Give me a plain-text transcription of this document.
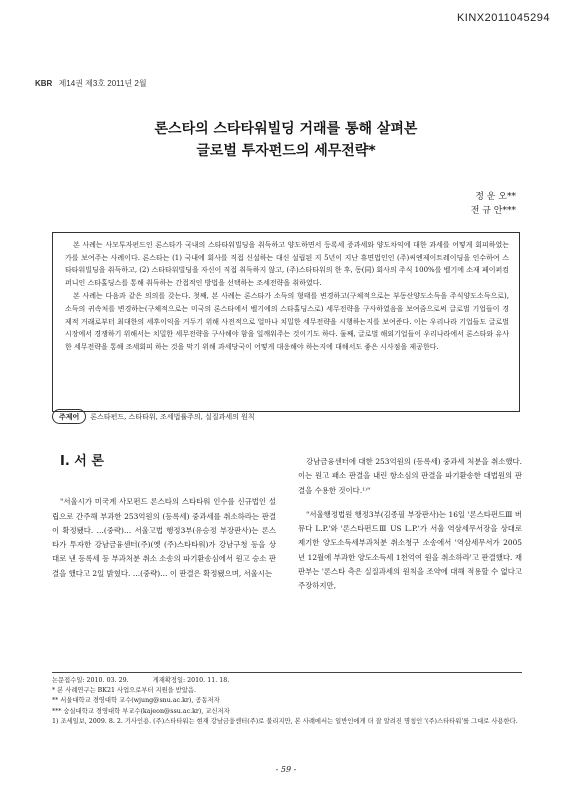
KINX2011045294
KBR 제14권 제3호 2011년 2월
론스타의 스타타워빌딩 거래를 통해 살펴본
글로벌 투자펀드의 세무전략*
정 운 오**
전 규 안***

본 사례는 사모투자펀드인 론스타가 국내의 스타타워빌딩을 취득하고 양도하면서 등록세 증과세와 양도차익에 대한 과세를 어떻게 회피하였는가를 보여주는 사례이다. 론스타는 (1) 국내에 회사를 직접 신설하는 대신 설립된 지 5년이 지난 휴면법인인 (주)씨엔제이트레이딩을 인수하여 스타타워빌딩을 취득하고, (2) 스타타워빌딩을 자신이 직접 취득하지 않고, (주)스타타워의 한 후, 동(同) 회사의 주식 100%를 벨기에 소재 페이퍼컴퍼니인 스타홀딩스를 통해 취득하는 간접적인 방법을 선택하는 조세전략을 취하였다.

본 사례는 다음과 같은 의의를 갖는다. 첫째, 본 사례는 론스타가 소득의 형태를 변경하고(구체적으로는 부동산양도소득을 주식양도소득으로), 소득의 귀속처를 변경하는(구체적으로는 미국의 론스타에서 벨기에의 스타홀딩스로) 세무전략을 구사하였음을 보여줌으로써 글로벌 기업들이 경제적 거래로부터 최대한의 세후이익을 거두기 위해 사전적으로 얼마나 치밀한 세무전략을 시행하는지를 보여준다. 이는 우리나라 기업들도 글로벌 시장에서 경쟁하기 위해서는 치밀한 세무전략을 구사해야 함을 일깨워주는 것이기도 하다. 둘째, 글로벌 해외기업들이 우리나라에서 론스타와 유사한 세무전략을 통해 조세회피 하는 것을 막기 위해 과세당국이 어떻게 대응해야 하는지에 대해서도 좋은 시사점을 제공한다.

주제어 론스타펀드, 스타타워, 조세법률주의, 실질과세의 원칙
Ⅰ. 서 론

"서울시가 미국계 사모펀드 론스타의 스타타워 인수를 신규법인 설립으로 간주해 부과한 253억원의 (등록세) 중과세를 취소하라는 판결이 확정됐다. …(중략)… 서울고법 행정3부(유승정 부장판사)는 론스타가 투자한 강남금융센터(주)(옛 (주)스타타워)가 강남구청 등을 상대로 낸 등록세 등 부과처분 취소 소송의 파기환송심에서 원고 승소 판결을 했다고 2일 밝혔다. …(중략)… 이 판결은 확정됐으며, 서울시는

강남금융센터에 대한 253억원의 (등록세) 중과세 처분을 취소했다. 이는 원고 패소 판결을 내린 항소심의 판결을 파기환송한 대법원의 판결을 수용한 것이다.¹⁾"

"서울행정법원 행정3부(김종필 부장판사)는 16일 '론스타펀드Ⅲ 버뮤다 L.P.'와 '론스타펀드Ⅲ US L.P.'가 서울 역삼세무서장을 상대로 제기한 양도소득세부과처분 취소청구 소송에서 '역삼세무서가 2005년 12월에 부과한 양도소득세 1천억여 원을 취소하라'고 판결했다. 재판부는 '론스타 측은 실질과세의 원칙을 조약에 대해 적용할 수 없다고 주장하지만,

논문접수일: 2010. 03. 29.	게재확정일: 2010. 11. 18.
* 본 사례연구는 BK21 사업으로부터 지원을 받았음.
** 서울대학교 경영대학 교수(wjung@snu.ac.kr), 공동저자
*** 숭실대학교 경영대학 부교수(kajeon@ssu.ac.kr), 교신저자
1) 조세일보, 2009. 8. 2. 기사인용. (주)스타타워는 현재 강남금융센터(주)로 불리지만, 본 사례에서는 일반인에게 더 잘 알려진 명칭인 '(주)스타타워'를 그대로 사용한다.
- 59 -
